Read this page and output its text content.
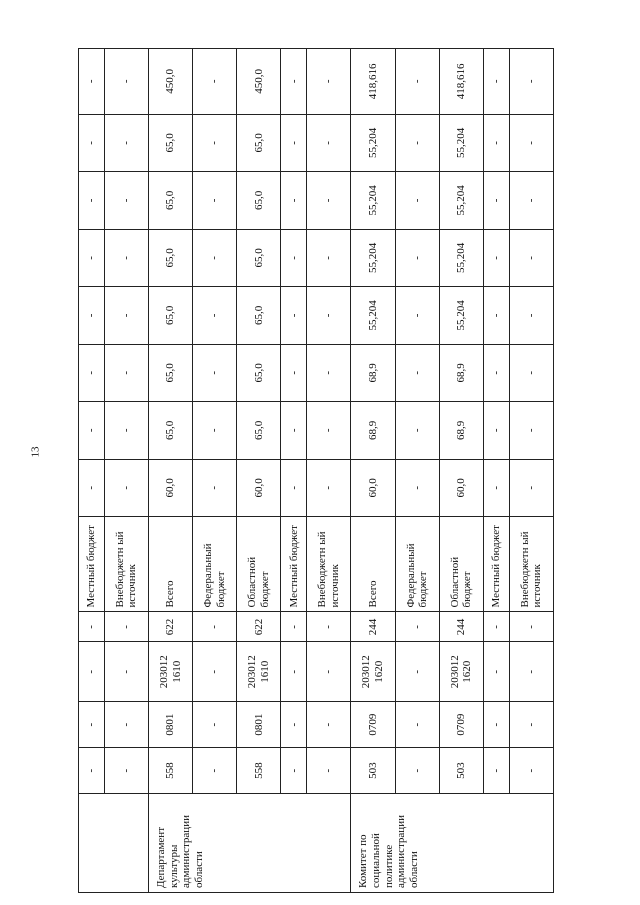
13
	-	-	-	-	Местный бюджет	-	-	-	-	-	-	-	-
	-	-	-	-	Внебюджетн ый источник	-	-	-	-	-	-	-	-
Департамент культуры администрации области	558	0801	203012 1610	622	Всего	60,0	65,0	65,0	65,0	65,0	65,0	65,0	450,0
	-	-	-	-	Федеральный бюджет	-	-	-	-	-	-	-	-
	558	0801	203012 1610	622	Областной бюджет	60,0	65,0	65,0	65,0	65,0	65,0	65,0	450,0
	-	-	-	-	Местный бюджет	-	-	-	-	-	-	-	-
	-	-	-	-	Внебюджетн ый источник	-	-	-	-	-	-	-	-
Комитет по социальной политике администрации области	503	0709	203012 1620	244	Всего	60,0	68,9	68,9	55,204	55,204	55,204	55,204	418,616
	-	-	-	-	Федеральный бюджет	-	-	-	-	-	-	-	-
	503	0709	203012 1620	244	Областной бюджет	60,0	68,9	68,9	55,204	55,204	55,204	55,204	418,616
	-	-	-	-	Местный бюджет	-	-	-	-	-	-	-	-
	-	-	-	-	Внебюджетн ый источник	-	-	-	-	-	-	-	-
